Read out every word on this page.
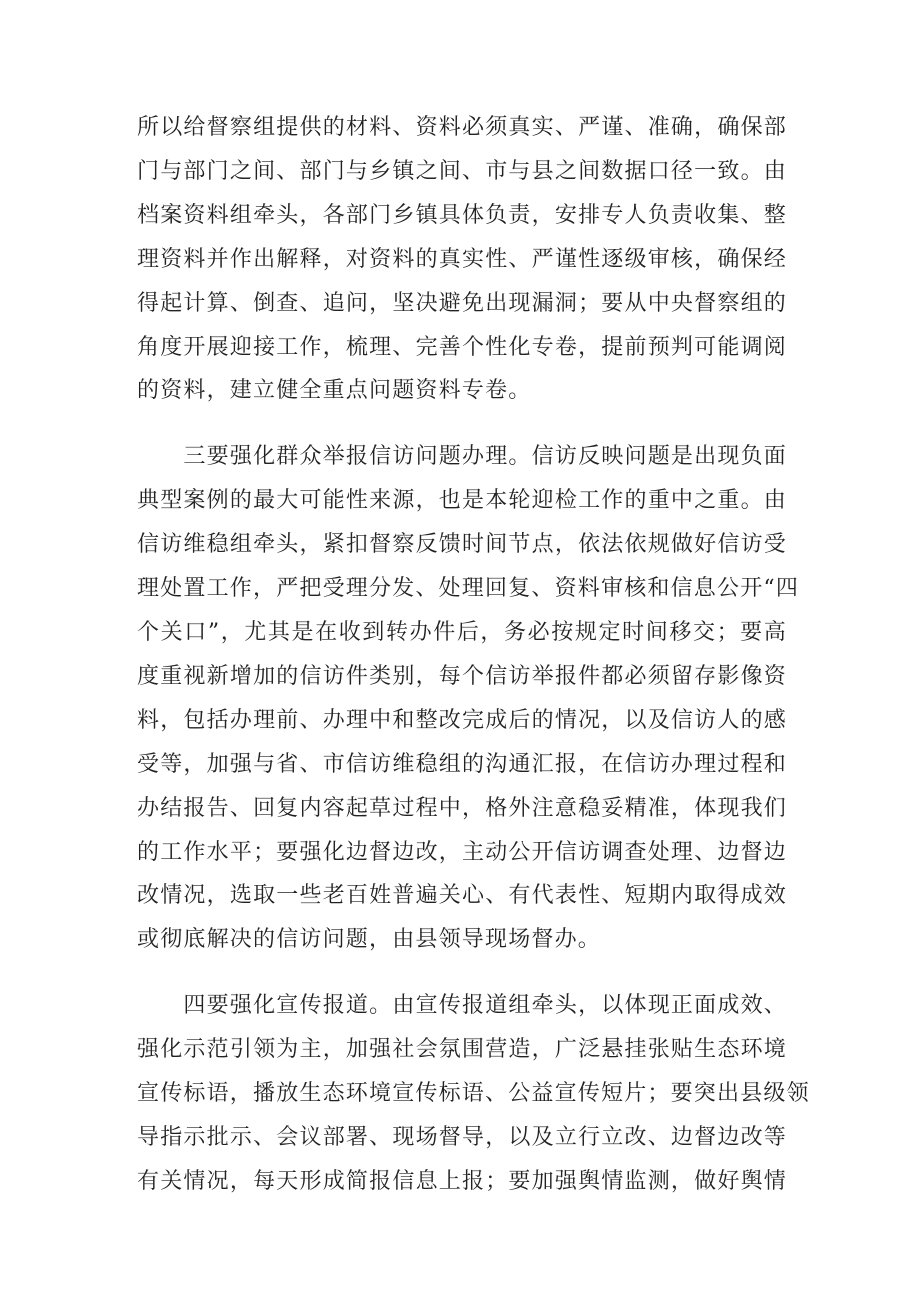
所以给督察组提供的材料、资料必须真实、严谨、准确，确保部
门与部门之间、部门与乡镇之间、市与县之间数据口径一致。由
档案资料组牵头，各部门乡镇具体负责，安排专人负责收集、整
理资料并作出解释，对资料的真实性、严谨性逐级审核，确保经
得起计算、倒查、追问，坚决避免出现漏洞；要从中央督察组的
角度开展迎接工作，梳理、完善个性化专卷，提前预判可能调阅
的资料，建立健全重点问题资料专卷。

　　三要强化群众举报信访问题办理。信访反映问题是出现负面
典型案例的最大可能性来源，也是本轮迎检工作的重中之重。由
信访维稳组牵头，紧扣督察反馈时间节点，依法依规做好信访受
理处置工作，严把受理分发、处理回复、资料审核和信息公开“四
个关口”，尤其是在收到转办件后，务必按规定时间移交；要高
度重视新增加的信访件类别，每个信访举报件都必须留存影像资
料，包括办理前、办理中和整改完成后的情况，以及信访人的感
受等，加强与省、市信访维稳组的沟通汇报，在信访办理过程和
办结报告、回复内容起草过程中，格外注意稳妥精准，体现我们
的工作水平；要强化边督边改，主动公开信访调查处理、边督边
改情况，选取一些老百姓普遍关心、有代表性、短期内取得成效
或彻底解决的信访问题，由县领导现场督办。

　　四要强化宣传报道。由宣传报道组牵头，以体现正面成效、
强化示范引领为主，加强社会氛围营造，广泛悬挂张贴生态环境
宣传标语，播放生态环境宣传标语、公益宣传短片；要突出县级领
导指示批示、会议部署、现场督导，以及立行立改、边督边改等
有关情况，每天形成简报信息上报；要加强舆情监测，做好舆情
